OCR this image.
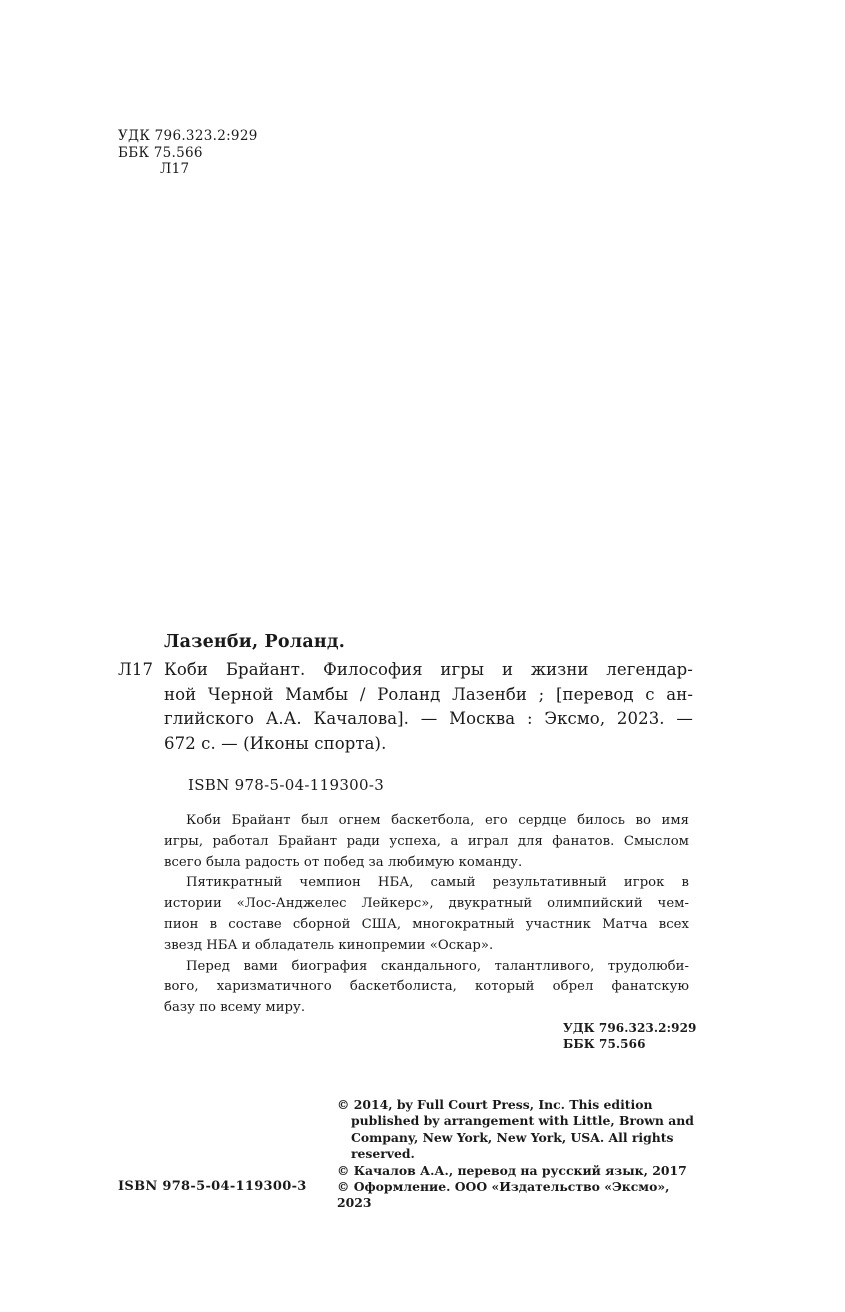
УДК 796.323.2:929
ББК 75.566
Л17
Лазенби, Роланд.
Л17 Коби Брайант. Философия игры и жизни легендар-
ной Черной Мамбы / Роланд Лазенби ; [перевод с ан-
глийского А.А. Качалова]. — Москва : Эксмо, 2023. —
672 с. — (Иконы спорта).
ISBN 978-5-04-119300-3
Коби Брайант был огнем баскетбола, его сердце билось во имя
игры, работал Брайант ради успеха, а играл для фанатов. Смыслом
всего была радость от побед за любимую команду.
Пятикратный чемпион НБА, самый результативный игрок в
истории «Лос-Анджелес Лейкерс», двукратный олимпийский чем-
пион в составе сборной США, многократный участник Матча всех
звезд НБА и обладатель кинопремии «Оскар».
Перед вами биография скандального, талантливого, трудолюби-
вого, харизматичного баскетболиста, который обрел фанатскую
базу по всему миру.
УДК 796.323.2:929
ББК 75.566
© 2014, by Full Court Press, Inc. This edition
published by arrangement with Little, Brown and
Company, New York, New York, USA. All rights
reserved.
© Качалов А.А., перевод на русский язык, 2017
© Оформление. ООО «Издательство «Эксмо», 2023
ISBN 978-5-04-119300-3
